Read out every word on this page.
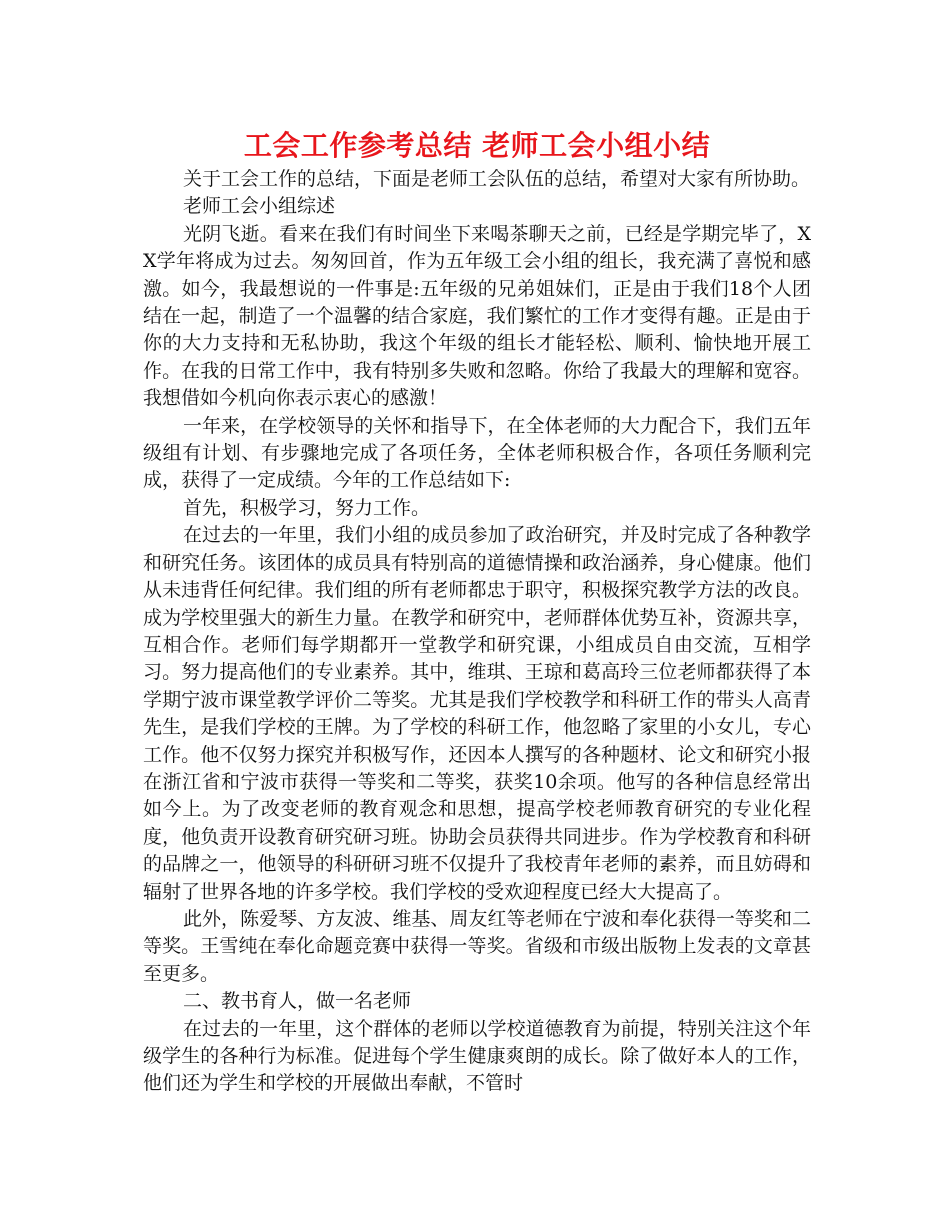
工会工作参考总结 老师工会小组小结

关于工会工作的总结，下面是老师工会队伍的总结，希望对大家有所协助。

老师工会小组综述

光阴飞逝。看来在我们有时间坐下来喝茶聊天之前，已经是学期完毕了，XX学年将成为过去。匆匆回首，作为五年级工会小组的组长，我充满了喜悦和感激。如今，我最想说的一件事是:五年级的兄弟姐妹们，正是由于我们18个人团结在一起，制造了一个温馨的结合家庭，我们繁忙的工作才变得有趣。正是由于你的大力支持和无私协助，我这个年级的组长才能轻松、顺利、愉快地开展工作。在我的日常工作中，我有特别多失败和忽略。你给了我最大的理解和宽容。我想借如今机向你表示衷心的感激！

一年来，在学校领导的关怀和指导下，在全体老师的大力配合下，我们五年级组有计划、有步骤地完成了各项任务，全体老师积极合作，各项任务顺利完成，获得了一定成绩。今年的工作总结如下:

首先，积极学习，努力工作。

在过去的一年里，我们小组的成员参加了政治研究，并及时完成了各种教学和研究任务。该团体的成员具有特别高的道德情操和政治涵养，身心健康。他们从未违背任何纪律。我们组的所有老师都忠于职守，积极探究教学方法的改良。成为学校里强大的新生力量。在教学和研究中，老师群体优势互补，资源共享，互相合作。老师们每学期都开一堂教学和研究课，小组成员自由交流，互相学习。努力提高他们的专业素养。其中，维琪、王琼和葛高玲三位老师都获得了本学期宁波市课堂教学评价二等奖。尤其是我们学校教学和科研工作的带头人高青先生，是我们学校的王牌。为了学校的科研工作，他忽略了家里的小女儿，专心工作。他不仅努力探究并积极写作，还因本人撰写的各种题材、论文和研究小报在浙江省和宁波市获得一等奖和二等奖，获奖10余项。他写的各种信息经常出如今上。为了改变老师的教育观念和思想，提高学校老师教育研究的专业化程度，他负责开设教育研究研习班。协助会员获得共同进步。作为学校教育和科研的品牌之一，他领导的科研研习班不仅提升了我校青年老师的素养，而且妨碍和辐射了世界各地的许多学校。我们学校的受欢迎程度已经大大提高了。

此外，陈爱琴、方友波、维基、周友红等老师在宁波和奉化获得一等奖和二等奖。王雪纯在奉化命题竞赛中获得一等奖。省级和市级出版物上发表的文章甚至更多。

二、教书育人，做一名老师

在过去的一年里，这个群体的老师以学校道德教育为前提，特别关注这个年级学生的各种行为标准。促进每个学生健康爽朗的成长。除了做好本人的工作，他们还为学生和学校的开展做出奉献，不管时
